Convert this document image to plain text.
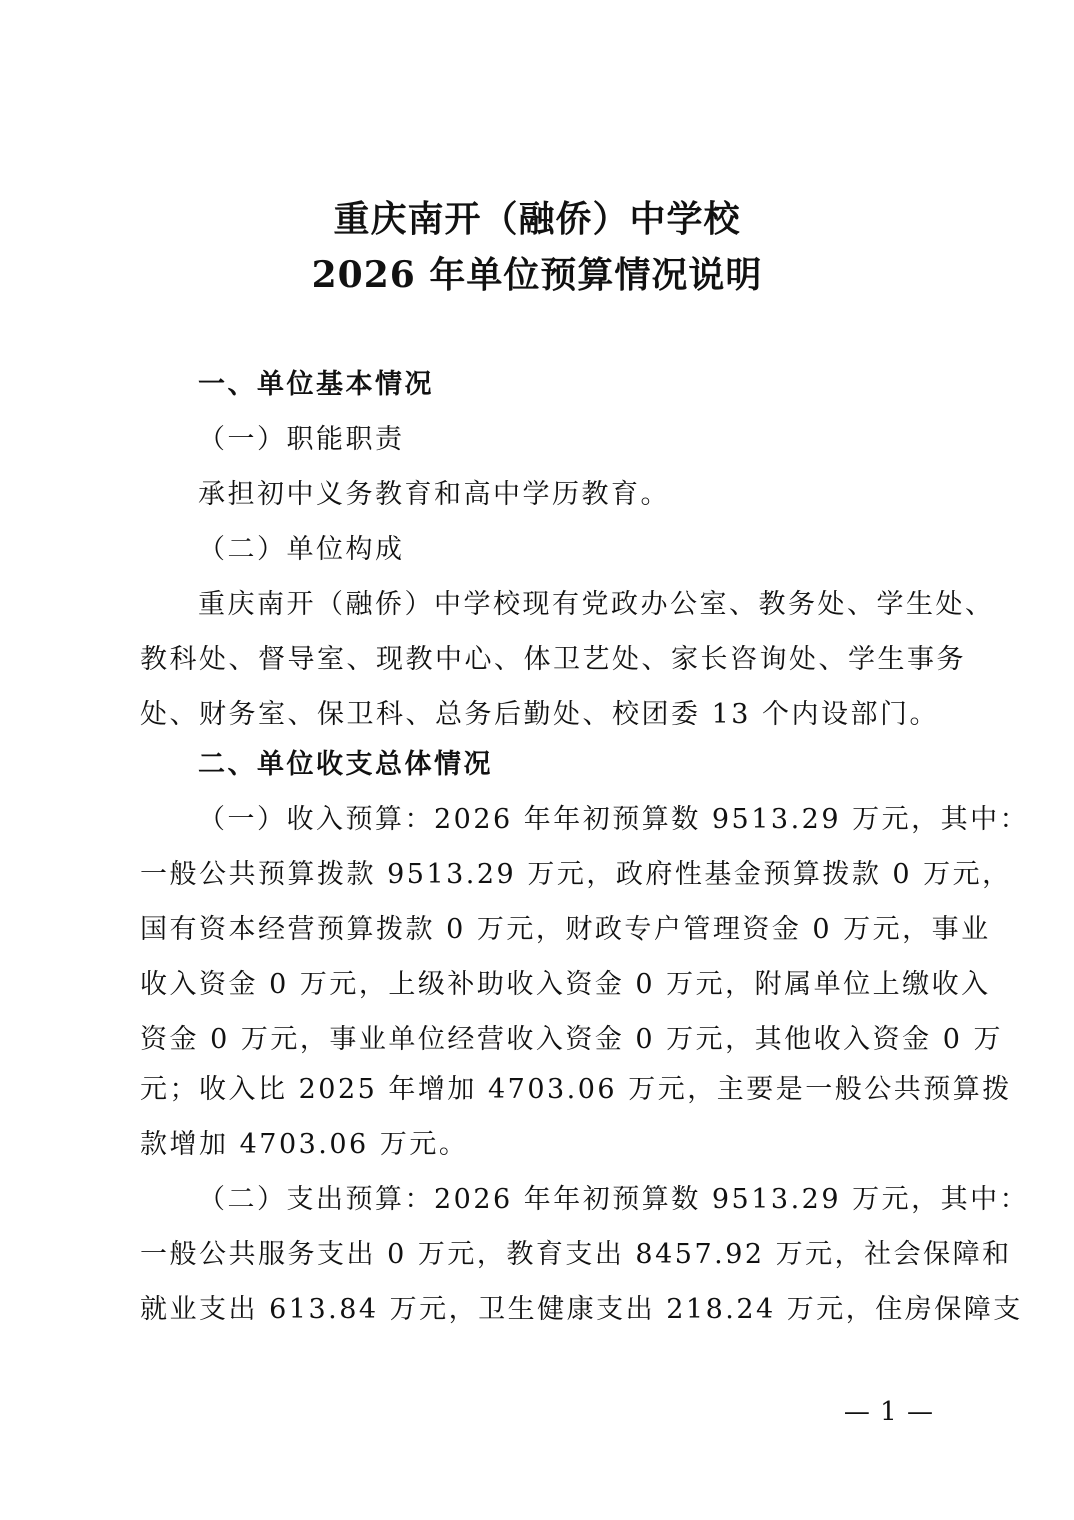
重庆南开（融侨）中学校
2026 年单位预算情况说明
一、单位基本情况
（一）职能职责
承担初中义务教育和高中学历教育。
（二）单位构成
重庆南开（融侨）中学校现有党政办公室、教务处、学生处、
教科处、督导室、现教中心、体卫艺处、家长咨询处、学生事务
处、财务室、保卫科、总务后勤处、校团委 13 个内设部门。
二、单位收支总体情况
（一）收入预算：2026 年年初预算数 9513.29 万元，其中：
一般公共预算拨款 9513.29 万元，政府性基金预算拨款 0 万元，
国有资本经营预算拨款 0 万元，财政专户管理资金 0 万元，事业
收入资金 0 万元，上级补助收入资金 0 万元，附属单位上缴收入
资金 0 万元，事业单位经营收入资金 0 万元，其他收入资金 0 万
元；收入比 2025 年增加 4703.06 万元，主要是一般公共预算拨
款增加 4703.06 万元。
（二）支出预算：2026 年年初预算数 9513.29 万元，其中：
一般公共服务支出 0 万元，教育支出 8457.92 万元，社会保障和
就业支出 613.84 万元，卫生健康支出 218.24 万元，住房保障支
— 1 —
